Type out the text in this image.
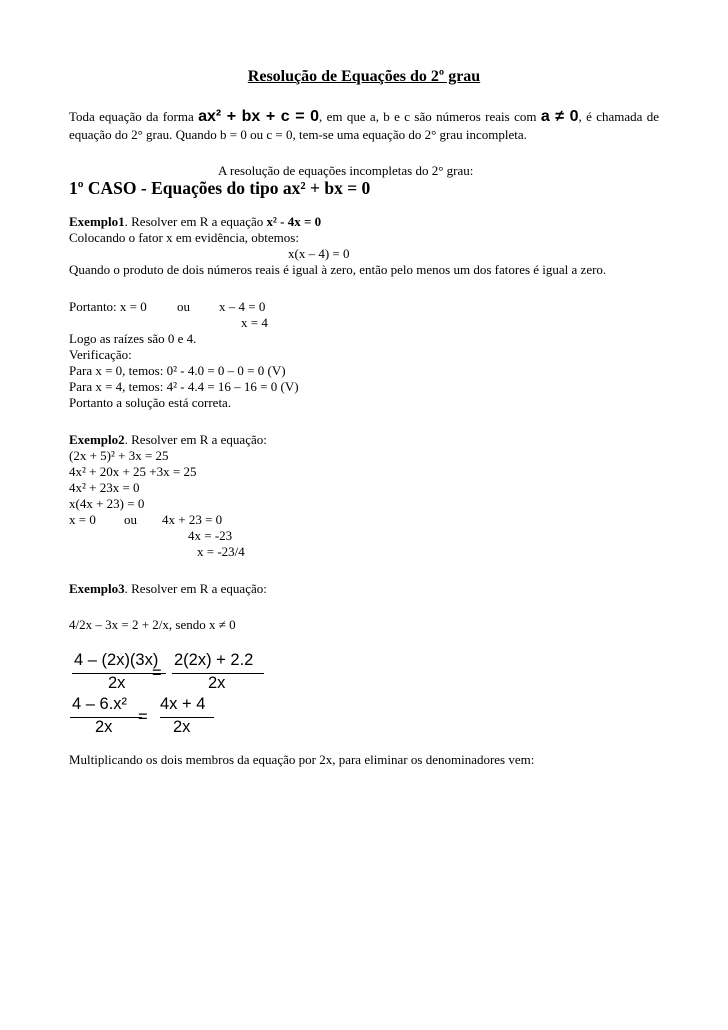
Resolução de Equações do 2º grau
Toda equação da forma ax² + bx + c = 0, em que a, b e c são números reais com a ≠ 0, é chamada de equação do 2° grau. Quando b = 0 ou c = 0, tem-se uma equação do 2° grau incompleta.
A resolução de equações incompletas do 2° grau:
1º CASO - Equações do tipo ax² + bx = 0
Exemplo1. Resolver em R a equação x² - 4x = 0
Colocando o fator x em evidência, obtemos:
x(x – 4) = 0
Quando o produto de dois números reais é igual à zero, então pelo menos um dos fatores é igual a zero.
Portanto: x = 0 ou x – 4 = 0
x = 4
Logo as raízes são 0 e 4.
Verificação:
Para x = 0, temos: 0² - 4.0 = 0 – 0 = 0 (V)
Para x = 4, temos: 4² - 4.4 = 16 – 16 = 0 (V)
Portanto a solução está correta.
Exemplo2. Resolver em R a equação:
(2x + 5)² + 3x = 25
4x² + 20x + 25 +3x = 25
4x² + 23x = 0
x(4x + 23) = 0
x = 0 ou 4x + 23 = 0
4x = -23
x = -23/4
Exemplo3. Resolver em R a equação:
4/2x – 3x = 2 + 2/x, sendo x ≠ 0
4 – (2x)(3x)
2x
=
2(2x) + 2.2
2x
4 – 6.x²
2x
=
4x + 4
2x
Multiplicando os dois membros da equação por 2x, para eliminar os denominadores vem:
